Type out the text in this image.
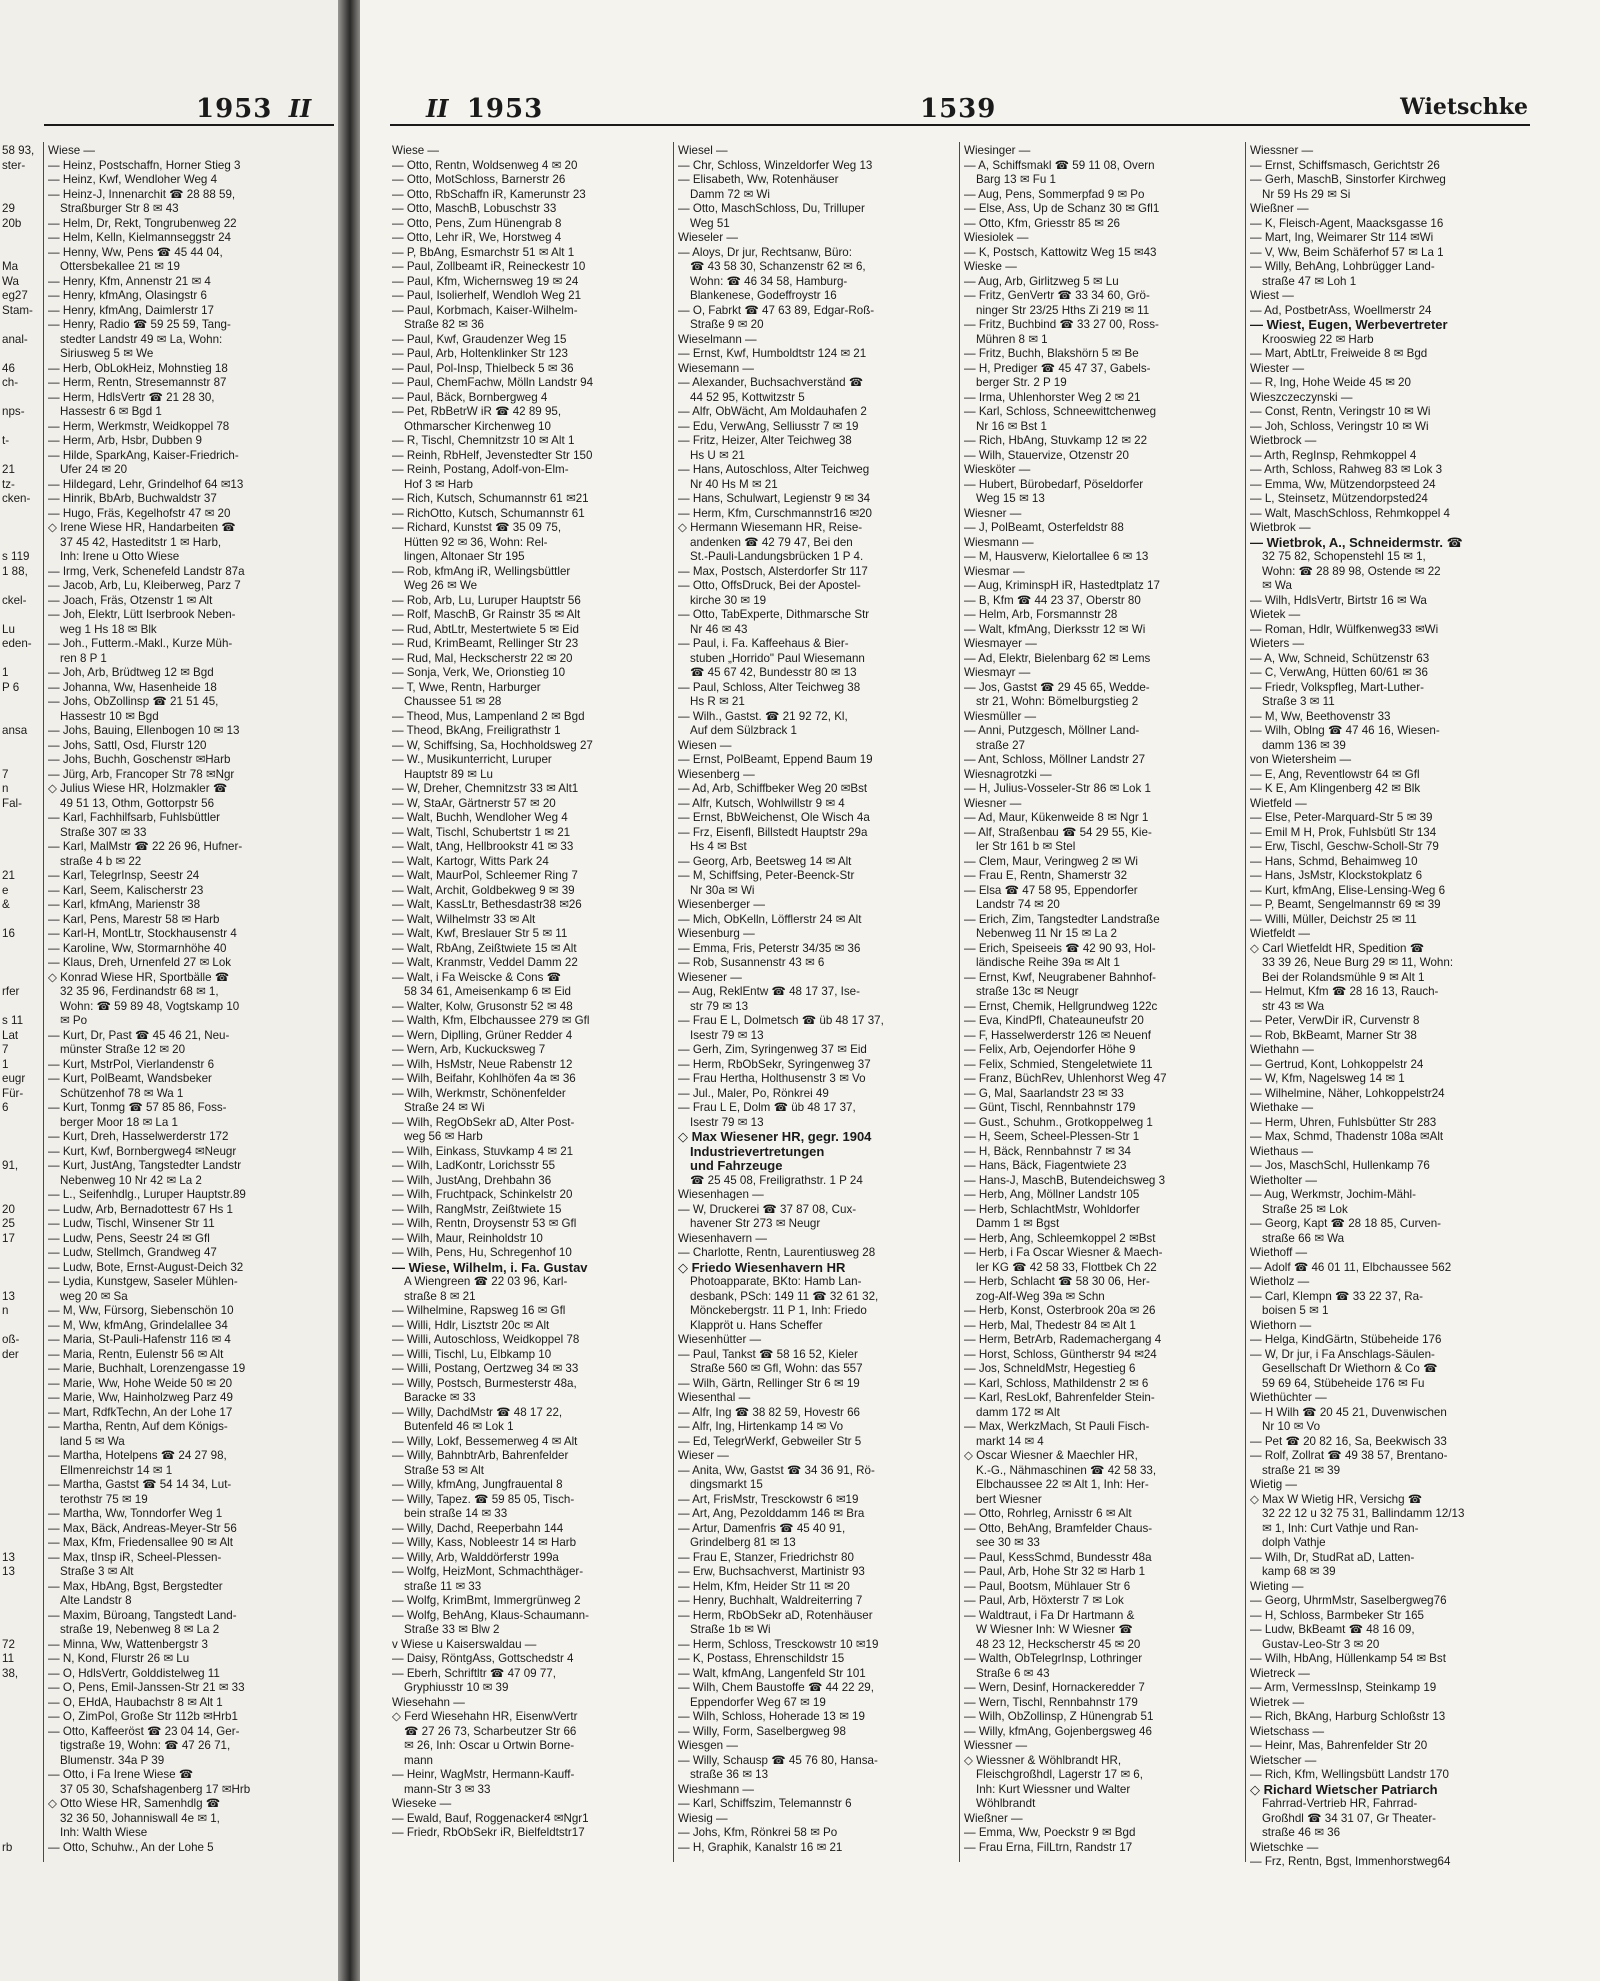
1953 II
58 93,
ster-

29
20b

Ma
Wa
eg27
Stam-

anal-

46
ch-

nps-

t-

21
tz-
cken-

s 119
1 88,

ckel-

Lu
eden-

1
P 6

ansa

7
n
Fal-

21
e
&

16

rfer

s 11
Lat
7
1
eugr
Für-
6

91,

20
25
17

13
n

oß-
der

13
13

72
11
38,

rb

Wiese —
— Heinz, Postschaffn, Horner Stieg 3
— Heinz, Kwf, Wendloher Weg 4
— Heinz-J, Innenarchit ☎ 28 88 59,
Straßburger Str 8 ✉ 43
— Helm, Dr, Rekt, Tongrubenweg 22
— Helm, Kelln, Kielmannseggstr 24
— Henny, Ww, Pens ☎ 45 44 04,
Ottersbekallee 21 ✉ 19
— Henry, Kfm, Annenstr 21 ✉ 4
— Henry, kfmAng, Olasingstr 6
— Henry, kfmAng, Daimlerstr 17
— Henry, Radio ☎ 59 25 59, Tang-
stedter Landstr 49 ✉ La, Wohn:
Siriusweg 5 ✉ We
— Herb, ObLokHeiz, Mohnstieg 18
— Herm, Rentn, Stresemannstr 87
— Herm, HdlsVertr ☎ 21 28 30,
Hassestr 6 ✉ Bgd 1
— Herm, Werkmstr, Weidkoppel 78
— Herm, Arb, Hsbr, Dubben 9
— Hilde, SparkAng, Kaiser-Friedrich-
Ufer 24 ✉ 20
— Hildegard, Lehr, Grindelhof 64 ✉13
— Hinrik, BbArb, Buchwaldstr 37
— Hugo, Fräs, Kegelhofstr 47 ✉ 20
◇ Irene Wiese HR, Handarbeiten ☎
37 45 42, Hasteditstr 1 ✉ Harb,
Inh: Irene u Otto Wiese
— Irmg, Verk, Schenefeld Landstr 87a
— Jacob, Arb, Lu, Kleiberweg, Parz 7
— Joach, Fräs, Otzenstr 1 ✉ Alt
— Joh, Elektr, Lütt Iserbrook Neben-
weg 1 Hs 18 ✉ Blk
— Joh., Futterm.-Makl., Kurze Müh-
ren 8 P 1
— Joh, Arb, Brüdtweg 12 ✉ Bgd
— Johanna, Ww, Hasenheide 18
— Johs, ObZollinsp ☎ 21 51 45,
Hassestr 10 ✉ Bgd
— Johs, Bauing, Ellenbogen 10 ✉ 13
— Johs, Sattl, Osd, Flurstr 120
— Johs, Buchh, Goschenstr ✉Harb
— Jürg, Arb, Francoper Str 78 ✉Ngr
◇ Julius Wiese HR, Holzmakler ☎
49 51 13, Othm, Gottorpstr 56
— Karl, Fachhilfsarb, Fuhlsbüttler
Straße 307 ✉ 33
— Karl, MalMstr ☎ 22 26 96, Hufner-
straße 4 b ✉ 22
— Karl, TelegrInsp, Seestr 24
— Karl, Seem, Kalischerstr 23
— Karl, kfmAng, Marienstr 38
— Karl, Pens, Marestr 58 ✉ Harb
— Karl-H, MontLtr, Stockhausenstr 4
— Karoline, Ww, Stormarnhöhe 40
— Klaus, Dreh, Urnenfeld 27 ✉ Lok
◇ Konrad Wiese HR, Sportbälle ☎
32 35 96, Ferdinandstr 68 ✉ 1,
Wohn: ☎ 59 89 48, Vogtskamp 10
✉ Po
— Kurt, Dr, Past ☎ 45 46 21, Neu-
münster Straße 12 ✉ 20
— Kurt, MstrPol, Vierlandenstr 6
— Kurt, PolBeamt, Wandsbeker
Schützenhof 78 ✉ Wa 1
— Kurt, Tonmg ☎ 57 85 86, Foss-
berger Moor 18 ✉ La 1
— Kurt, Dreh, Hasselwerderstr 172
— Kurt, Kwf, Bornbergweg4 ✉Neugr
— Kurt, JustAng, Tangstedter Landstr
Nebenweg 10 Nr 42 ✉ La 2
— L., Seifenhdlg., Luruper Hauptstr.89
— Ludw, Arb, Bernadottestr 67 Hs 1
— Ludw, Tischl, Winsener Str 11
— Ludw, Pens, Seestr 24 ✉ Gfl
— Ludw, Stellmch, Grandweg 47
— Ludw, Bote, Ernst-August-Deich 32
— Lydia, Kunstgew, Saseler Mühlen-
weg 20 ✉ Sa
— M, Ww, Fürsorg, Siebenschön 10
— M, Ww, kfmAng, Grindelallee 34
— Maria, St-Pauli-Hafenstr 116 ✉ 4
— Maria, Rentn, Eulenstr 56 ✉ Alt
— Marie, Buchhalt, Lorenzengasse 19
— Marie, Ww, Hohe Weide 50 ✉ 20
— Marie, Ww, Hainholzweg Parz 49
— Mart, RdfkTechn, An der Lohe 17
— Martha, Rentn, Auf dem Königs-
land 5 ✉ Wa
— Martha, Hotelpens ☎ 24 27 98,
Ellmenreichstr 14 ✉ 1
— Martha, Gastst ☎ 54 14 34, Lut-
terothstr 75 ✉ 19
— Martha, Ww, Tonndorfer Weg 1
— Max, Bäck, Andreas-Meyer-Str 56
— Max, Kfm, Friedensallee 90 ✉ Alt
— Max, tInsp iR, Scheel-Plessen-
Straße 3 ✉ Alt
— Max, HbAng, Bgst, Bergstedter
Alte Landstr 8
— Maxim, Büroang, Tangstedt Land-
straße 19, Nebenweg 8 ✉ La 2
— Minna, Ww, Wattenbergstr 3
— N, Kond, Flurstr 26 ✉ Lu
— O, HdlsVertr, Golddistelweg 11
— O, Pens, Emil-Janssen-Str 21 ✉ 33
— O, EHdA, Haubachstr 8 ✉ Alt 1
— O, ZimPol, Große Str 112b ✉Hrb1
— Otto, Kaffeeröst ☎ 23 04 14, Ger-
tigstraße 19, Wohn: ☎ 47 26 71,
Blumenstr. 34a P 39
— Otto, i Fa Irene Wiese ☎
37 05 30, Schafshagenberg 17 ✉Hrb
◇ Otto Wiese HR, Samenhdlg ☎
32 36 50, Johanniswall 4e ✉ 1,
Inh: Walth Wiese
— Otto, Schuhw., An der Lohe 5
II 1953	1539	Wietschke
Wiese —
— Otto, Rentn, Woldsenweg 4 ✉ 20
— Otto, MotSchloss, Barnerstr 26
— Otto, RbSchaffn iR, Kamerunstr 23
— Otto, MaschB, Lobuschstr 33
— Otto, Pens, Zum Hünengrab 8
— Otto, Lehr iR, We, Horstweg 4
— P, BbAng, Esmarchstr 51 ✉ Alt 1
— Paul, Zollbeamt iR, Reineckestr 10
— Paul, Kfm, Wichernsweg 19 ✉ 24
— Paul, Isolierhelf, Wendloh Weg 21
— Paul, Korbmach, Kaiser-Wilhelm-
Straße 82 ✉ 36
— Paul, Kwf, Graudenzer Weg 15
— Paul, Arb, Holtenklinker Str 123
— Paul, Pol-Insp, Thielbeck 5 ✉ 36
— Paul, ChemFachw, Mölln Landstr 94
— Paul, Bäck, Bornbergweg 4
— Pet, RbBetrW iR ☎ 42 89 95,
Othmarscher Kirchenweg 10
— R, Tischl, Chemnitzstr 10 ✉ Alt 1
— Reinh, RbHelf, Jevenstedter Str 150
— Reinh, Postang, Adolf-von-Elm-
Hof 3 ✉ Harb
— Rich, Kutsch, Schumannstr 61 ✉21
— RichOtto, Kutsch, Schumannstr 61
— Richard, Kunstst ☎ 35 09 75,
Hütten 92 ✉ 36, Wohn: Rel-
lingen, Altonaer Str 195
— Rob, kfmAng iR, Wellingsbüttler
Weg 26 ✉ We
— Rob, Arb, Lu, Luruper Hauptstr 56
— Rolf, MaschB, Gr Rainstr 35 ✉ Alt
— Rud, AbtLtr, Mestertwiete 5 ✉ Eid
— Rud, KrimBeamt, Rellinger Str 23
— Rud, Mal, Heckscherstr 22 ✉ 20
— Sonja, Verk, We, Orionstieg 10
— T, Wwe, Rentn, Harburger
Chaussee 51 ✉ 28
— Theod, Mus, Lampenland 2 ✉ Bgd
— Theod, BkAng, Freiligrathstr 1
— W, Schiffsing, Sa, Hochholdsweg 27
— W., Musikunterricht, Luruper
Hauptstr 89 ✉ Lu
— W, Dreher, Chemnitzstr 33 ✉ Alt1
— W, StaAr, Gärtnerstr 57 ✉ 20
— Walt, Buchh, Wendloher Weg 4
— Walt, Tischl, Schubertstr 1 ✉ 21
— Walt, tAng, Hellbrookstr 41 ✉ 33
— Walt, Kartogr, Witts Park 24
— Walt, MaurPol, Schleemer Ring 7
— Walt, Archit, Goldbekweg 9 ✉ 39
— Walt, KassLtr, Bethesdastr38 ✉26
— Walt, Wilhelmstr 33 ✉ Alt
— Walt, Kwf, Breslauer Str 5 ✉ 11
— Walt, RbAng, Zeißtwiete 15 ✉ Alt
— Walt, Kranmstr, Veddel Damm 22
— Walt, i Fa Weiscke & Cons ☎
58 34 61, Ameisenkamp 6 ✉ Eid
— Walter, Kolw, Grusonstr 52 ✉ 48
— Walth, Kfm, Elbchaussee 279 ✉ Gfl
— Wern, Diplling, Grüner Redder 4
— Wern, Arb, Kuckucksweg 7
— Wilh, HsMstr, Neue Rabenstr 12
— Wilh, Beifahr, Kohlhöfen 4a ✉ 36
— Wilh, Werkmstr, Schönenfelder
Straße 24 ✉ Wi
— Wilh, RegObSekr aD, Alter Post-
weg 56 ✉ Harb
— Wilh, Einkass, Stuvkamp 4 ✉ 21
— Wilh, LadKontr, Lorichsstr 55
— Wilh, JustAng, Drehbahn 36
— Wilh, Fruchtpack, Schinkelstr 20
— Wilh, RangMstr, Zeißtwiete 15
— Wilh, Rentn, Droysenstr 53 ✉ Gfl
— Wilh, Maur, Reinholdstr 10
— Wilh, Pens, Hu, Schregenhof 10
— Wiese, Wilhelm, i. Fa. Gustav
A Wiengreen ☎ 22 03 96, Karl-
straße 8 ✉ 21
— Wilhelmine, Rapsweg 16 ✉ Gfl
— Willi, Hdlr, Lisztstr 20c ✉ Alt
— Willi, Autoschloss, Weidkoppel 78
— Willi, Tischl, Lu, Elbkamp 10
— Willi, Postang, Oertzweg 34 ✉ 33
— Willy, Postsch, Burmesterstr 48a,
Baracke ✉ 33
— Willy, DachdMstr ☎ 48 17 22,
Butenfeld 46 ✉ Lok 1
— Willy, Lokf, Bessemerweg 4 ✉ Alt
— Willy, BahnbtrArb, Bahrenfelder
Straße 53 ✉ Alt
— Willy, kfmAng, Jungfrauental 8
— Willy, Tapez. ☎ 59 85 05, Tisch-
bein straße 14 ✉ 33
— Willy, Dachd, Reeperbahn 144
— Willy, Kass, Nobleestr 14 ✉ Harb
— Willy, Arb, Walddörferstr 199a
— Wolfg, HeizMont, Schmachthäger-
straße 11 ✉ 33
— Wolfg, KrimBmt, Immergrünweg 2
— Wolfg, BehAng, Klaus-Schaumann-
Straße 33 ✉ Blw 2
v Wiese u Kaiserswaldau —
— Daisy, RöntgAss, Gottschedstr 4
— Eberh, Schriftltr ☎ 47 09 77,
Gryphiusstr 10 ✉ 39
Wiesehahn —
◇ Ferd Wiesehahn HR, EisenwVertr
☎ 27 26 73, Scharbeutzer Str 66
✉ 26, Inh: Oscar u Ortwin Borne-
mann
— Heinr, WagMstr, Hermann-Kauff-
mann-Str 3 ✉ 33
Wieseke —
— Ewald, Bauf, Roggenacker4 ✉Ngr1
— Friedr, RbObSekr iR, Bielfeldtstr17
Wiesel —
— Chr, Schloss, Winzeldorfer Weg 13
— Elisabeth, Ww, Rotenhäuser
Damm 72 ✉ Wi
— Otto, MaschSchloss, Du, Trilluper
Weg 51
Wieseler —
— Aloys, Dr jur, Rechtsanw, Büro:
☎ 43 58 30, Schanzenstr 62 ✉ 6,
Wohn: ☎ 46 34 58, Hamburg-
Blankenese, Godeffroystr 16
— O, Fabrkt ☎ 47 63 89, Edgar-Roß-
Straße 9 ✉ 20
Wieselmann —
— Ernst, Kwf, Humboldtstr 124 ✉ 21
Wiesemann —
— Alexander, Buchsachverständ ☎
44 52 95, Kottwitzstr 5
— Alfr, ObWächt, Am Moldauhafen 2
— Edu, VerwAng, Selliusstr 7 ✉ 19
— Fritz, Heizer, Alter Teichweg 38
Hs U ✉ 21
— Hans, Autoschloss, Alter Teichweg
Nr 40 Hs M ✉ 21
— Hans, Schulwart, Legienstr 9 ✉ 34
— Herm, Kfm, Curschmannstr16 ✉20
◇ Hermann Wiesemann HR, Reise-
andenken ☎ 42 79 47, Bei den
St.-Pauli-Landungsbrücken 1 P 4.
— Max, Postsch, Alsterdorfer Str 117
— Otto, OffsDruck, Bei der Apostel-
kirche 30 ✉ 19
— Otto, TabExperte, Dithmarsche Str
Nr 46 ✉ 43
— Paul, i. Fa. Kaffeehaus & Bier-
stuben „Horrido" Paul Wiesemann
☎ 45 67 42, Bundesstr 80 ✉ 13
— Paul, Schloss, Alter Teichweg 38
Hs R ✉ 21
— Wilh., Gastst. ☎ 21 92 72, Kl,
Auf dem Sülzbrack 1
Wiesen —
— Ernst, PolBeamt, Eppend Baum 19
Wiesenberg —
— Ad, Arb, Schiffbeker Weg 20 ✉Bst
— Alfr, Kutsch, Wohlwillstr 9 ✉ 4
— Ernst, BbWeichenst, Ole Wisch 4a
— Frz, Eisenfl, Billstedt Hauptstr 29a
Hs 4 ✉ Bst
— Georg, Arb, Beetsweg 14 ✉ Alt
— M, Schiffsing, Peter-Beenck-Str
Nr 30a ✉ Wi
Wiesenberger —
— Mich, ObKelln, Löfflerstr 24 ✉ Alt
Wiesenburg —
— Emma, Fris, Peterstr 34/35 ✉ 36
— Rob, Susannenstr 43 ✉ 6
Wiesener —
— Aug, ReklEntw ☎ 48 17 37, Ise-
str 79 ✉ 13
— Frau E L, Dolmetsch ☎ üb 48 17 37,
Isestr 79 ✉ 13
— Gerh, Zim, Syringenweg 37 ✉ Eid
— Herm, RbObSekr, Syringenweg 37
— Frau Hertha, Holthusenstr 3 ✉ Vo
— Jul., Maler, Po, Rönkrei 49
— Frau L E, Dolm ☎ üb 48 17 37,
Isestr 79 ✉ 13
◇ Max Wiesener HR, gegr. 1904
Industrievertretungen
und Fahrzeuge
☎ 25 45 08, Freiligrathstr. 1 P 24
Wiesenhagen —
— W, Druckerei ☎ 37 87 08, Cux-
havener Str 273 ✉ Neugr
Wiesenhavern —
— Charlotte, Rentn, Laurentiusweg 28
◇ Friedo Wiesenhavern HR
Photoapparate, BKto: Hamb Lan-
desbank, PSch: 149 11 ☎ 32 61 32,
Mönckebergstr. 11 P 1, Inh: Friedo
Klappröt u. Hans Scheffer
Wiesenhütter —
— Paul, Tankst ☎ 58 16 52, Kieler
Straße 560 ✉ Gfl, Wohn: das 557
— Wilh, Gärtn, Rellinger Str 6 ✉ 19
Wiesenthal —
— Alfr, Ing ☎ 38 82 59, Hovestr 66
— Alfr, Ing, Hirtenkamp 14 ✉ Vo
— Ed, TelegrWerkf, Gebweiler Str 5
Wieser —
— Anita, Ww, Gastst ☎ 34 36 91, Rö-
dingsmarkt 15
— Art, FrisMstr, Tresckowstr 6 ✉19
— Art, Ang, Pezolddamm 146 ✉ Bra
— Artur, Damenfris ☎ 45 40 91,
Grindelberg 81 ✉ 13
— Frau E, Stanzer, Friedrichstr 80
— Erw, Buchsachverst, Martinistr 93
— Helm, Kfm, Heider Str 11 ✉ 20
— Henry, Buchhalt, Waldreiterring 7
— Herm, RbObSekr aD, Rotenhäuser
Straße 1b ✉ Wi
— Herm, Schloss, Tresckowstr 10 ✉19
— K, Postass, Ehrenschildstr 15
— Walt, kfmAng, Langenfeld Str 101
— Wilh, Chem Baustoffe ☎ 44 22 29,
Eppendorfer Weg 67 ✉ 19
— Wilh, Schloss, Hoherade 13 ✉ 19
— Willy, Form, Saselbergweg 98
Wiesgen —
— Willy, Schausp ☎ 45 76 80, Hansa-
straße 36 ✉ 13
Wieshmann —
— Karl, Schiffszim, Telemannstr 6
Wiesig —
— Johs, Kfm, Rönkrei 58 ✉ Po
— H, Graphik, Kanalstr 16 ✉ 21
Wiesinger —
— A, Schiffsmakl ☎ 59 11 08, Overn
Barg 13 ✉ Fu 1
— Aug, Pens, Sommerpfad 9 ✉ Po
— Else, Ass, Up de Schanz 30 ✉ Gfl1
— Otto, Kfm, Griesstr 85 ✉ 26
Wiesiolek —
— K, Postsch, Kattowitz Weg 15 ✉43
Wieske —
— Aug, Arb, Girlitzweg 5 ✉ Lu
— Fritz, GenVertr ☎ 33 34 60, Grö-
ninger Str 23/25 Hths Zi 219 ✉ 11
— Fritz, Buchbind ☎ 33 27 00, Ross-
Mühren 8 ✉ 1
— Fritz, Buchh, Blakshörn 5 ✉ Be
— H, Prediger ☎ 45 47 37, Gabels-
berger Str. 2 P 19
— Irma, Uhlenhorster Weg 2 ✉ 21
— Karl, Schloss, Schneewittchenweg
Nr 16 ✉ Bst 1
— Rich, HbAng, Stuvkamp 12 ✉ 22
— Wilh, Stauervize, Otzenstr 20
Wiesköter —
— Hubert, Bürobedarf, Pöseldorfer
Weg 15 ✉ 13
Wiesner —
— J, PolBeamt, Osterfeldstr 88
Wiesmann —
— M, Hausverw, Kielortallee 6 ✉ 13
Wiesmar —
— Aug, KriminspH iR, Hastedtplatz 17
— B, Kfm ☎ 44 23 37, Oberstr 80
— Helm, Arb, Forsmannstr 28
— Walt, kfmAng, Dierksstr 12 ✉ Wi
Wiesmayer —
— Ad, Elektr, Bielenbarg 62 ✉ Lems
Wiesmayr —
— Jos, Gastst ☎ 29 45 65, Wedde-
str 21, Wohn: Bömelburgstieg 2
Wiesmüller —
— Anni, Putzgesch, Möllner Land-
straße 27
— Ant, Schloss, Möllner Landstr 27
Wiesnagrotzki —
— H, Julius-Vosseler-Str 86 ✉ Lok 1
Wiesner —
— Ad, Maur, Kükenweide 8 ✉ Ngr 1
— Alf, Straßenbau ☎ 54 29 55, Kie-
ler Str 161 b ✉ Stel
— Clem, Maur, Veringweg 2 ✉ Wi
— Frau E, Rentn, Shamerstr 32
— Elsa ☎ 47 58 95, Eppendorfer
Landstr 74 ✉ 20
— Erich, Zim, Tangstedter Landstraße
Nebenweg 11 Nr 15 ✉ La 2
— Erich, Speiseeis ☎ 42 90 93, Hol-
ländische Reihe 39a ✉ Alt 1
— Ernst, Kwf, Neugrabener Bahnhof-
straße 13c ✉ Neugr
— Ernst, Chemik, Hellgrundweg 122c
— Eva, KindPfl, Chateauneufstr 20
— F, Hasselwerderstr 126 ✉ Neuenf
— Felix, Arb, Oejendorfer Höhe 9
— Felix, Schmied, Stengeletwiete 11
— Franz, BüchRev, Uhlenhorst Weg 47
— G, Mal, Saarlandstr 23 ✉ 33
— Günt, Tischl, Rennbahnstr 179
— Gust., Schuhm., Grotkoppelweg 1
— H, Seem, Scheel-Plessen-Str 1
— H, Bäck, Rennbahnstr 7 ✉ 34
— Hans, Bäck, Fiagentwiete 23
— Hans-J, MaschB, Butendeichsweg 3
— Herb, Ang, Möllner Landstr 105
— Herb, SchlachtMstr, Wohldorfer
Damm 1 ✉ Bgst
— Herb, Ang, Schleemkoppel 2 ✉Bst
— Herb, i Fa Oscar Wiesner & Maech-
ler KG ☎ 42 58 33, Flottbek Ch 22
— Herb, Schlacht ☎ 58 30 06, Her-
zog-Alf-Weg 39a ✉ Schn
— Herb, Konst, Osterbrook 20a ✉ 26
— Herb, Mal, Thedestr 84 ✉ Alt 1
— Herm, BetrArb, Rademachergang 4
— Horst, Schloss, Güntherstr 94 ✉24
— Jos, SchneldMstr, Hegestieg 6
— Karl, Schloss, Mathildenstr 2 ✉ 6
— Karl, ResLokf, Bahrenfelder Stein-
damm 172 ✉ Alt
— Max, WerkzMach, St Pauli Fisch-
markt 14 ✉ 4
◇ Oscar Wiesner & Maechler HR,
K.-G., Nähmaschinen ☎ 42 58 33,
Elbchaussee 22 ✉ Alt 1, Inh: Her-
bert Wiesner
— Otto, Rohrleg, Arnisstr 6 ✉ Alt
— Otto, BehAng, Bramfelder Chaus-
see 30 ✉ 33
— Paul, KessSchmd, Bundesstr 48a
— Paul, Arb, Hohe Str 32 ✉ Harb 1
— Paul, Bootsm, Mühlauer Str 6
— Paul, Arb, Höxterstr 7 ✉ Lok
— Waldtraut, i Fa Dr Hartmann &
W Wiesner Inh: W Wiesner ☎
48 23 12, Heckscherstr 45 ✉ 20
— Walth, ObTelegrInsp, Lothringer
Straße 6 ✉ 43
— Wern, Desinf, Hornackeredder 7
— Wern, Tischl, Rennbahnstr 179
— Wilh, ObZollinsp, Z Hünengrab 51
— Willy, kfmAng, Gojenbergsweg 46
Wiessner —
◇ Wiessner & Wöhlbrandt HR,
Fleischgroßhdl, Lagerstr 17 ✉ 6,
Inh: Kurt Wiessner und Walter
Wöhlbrandt
Wießner —
— Emma, Ww, Poeckstr 9 ✉ Bgd
— Frau Erna, FilLtrn, Randstr 17
Wiessner —
— Ernst, Schiffsmasch, Gerichtstr 26
— Gerh, MaschB, Sinstorfer Kirchweg
Nr 59 Hs 29 ✉ Si
Wießner —
— K, Fleisch-Agent, Maacksgasse 16
— Mart, Ing, Weimarer Str 114 ✉Wi
— V, Ww, Beim Schäferhof 57 ✉ La 1
— Willy, BehAng, Lohbrügger Land-
straße 47 ✉ Loh 1
Wiest —
— Ad, PostbetrAss, Woellmerstr 24
— Wiest, Eugen, Werbevertreter
Krooswieg 22 ✉ Harb
— Mart, AbtLtr, Freiweide 8 ✉ Bgd
Wiester —
— R, Ing, Hohe Weide 45 ✉ 20
Wieszczeczynski —
— Const, Rentn, Veringstr 10 ✉ Wi
— Joh, Schloss, Veringstr 10 ✉ Wi
Wietbrock —
— Arth, RegInsp, Rehmkoppel 4
— Arth, Schloss, Rahweg 83 ✉ Lok 3
— Emma, Ww, Mützendorpsteed 24
— L, Steinsetz, Mützendorpsted24
— Walt, MaschSchloss, Rehmkoppel 4
Wietbrok —
— Wietbrok, A., Schneidermstr. ☎
32 75 82, Schopenstehl 15 ✉ 1,
Wohn: ☎ 28 89 98, Ostende ✉ 22
✉ Wa
— Wilh, HdlsVertr, Birtstr 16 ✉ Wa
Wietek —
— Roman, Hdlr, Wülfkenweg33 ✉Wi
Wieters —
— A, Ww, Schneid, Schützenstr 63
— C, VerwAng, Hütten 60/61 ✉ 36
— Friedr, Volkspfleg, Mart-Luther-
Straße 3 ✉ 11
— M, Ww, Beethovenstr 33
— Wilh, Oblng ☎ 47 46 16, Wiesen-
damm 136 ✉ 39
von Wietersheim —
— E, Ang, Reventlowstr 64 ✉ Gfl
— K E, Am Klingenberg 42 ✉ Blk
Wietfeld —
— Else, Peter-Marquard-Str 5 ✉ 39
— Emil M H, Prok, Fuhlsbütl Str 134
— Erw, Tischl, Geschw-Scholl-Str 79
— Hans, Schmd, Behaimweg 10
— Hans, JsMstr, Klockstokplatz 6
— Kurt, kfmAng, Elise-Lensing-Weg 6
— P, Beamt, Sengelmannstr 69 ✉ 39
— Willi, Müller, Deichstr 25 ✉ 11
Wietfeldt —
◇ Carl Wietfeldt HR, Spedition ☎
33 39 26, Neue Burg 29 ✉ 11, Wohn:
Bei der Rolandsmühle 9 ✉ Alt 1
— Helmut, Kfm ☎ 28 16 13, Rauch-
str 43 ✉ Wa
— Peter, VerwDir iR, Curvenstr 8
— Rob, BkBeamt, Marner Str 38
Wiethahn —
— Gertrud, Kont, Lohkoppelstr 24
— W, Kfm, Nagelsweg 14 ✉ 1
— Wilhelmine, Näher, Lohkoppelstr24
Wiethake —
— Herm, Uhren, Fuhlsbütter Str 283
— Max, Schmd, Thadenstr 108a ✉Alt
Wiethaus —
— Jos, MaschSchl, Hullenkamp 76
Wietholter —
— Aug, Werkmstr, Jochim-Mähl-
Straße 25 ✉ Lok
— Georg, Kapt ☎ 28 18 85, Curven-
straße 66 ✉ Wa
Wiethoff —
— Adolf ☎ 46 01 11, Elbchaussee 562
Wietholz —
— Carl, Klempn ☎ 33 22 37, Ra-
boisen 5 ✉ 1
Wiethorn —
— Helga, KindGärtn, Stübeheide 176
— W, Dr jur, i Fa Anschlags-Säulen-
Gesellschaft Dr Wiethorn & Co ☎
59 69 64, Stübeheide 176 ✉ Fu
Wiethüchter —
— H Wilh ☎ 20 45 21, Duvenwischen
Nr 10 ✉ Vo
— Pet ☎ 20 82 16, Sa, Beekwisch 33
— Rolf, Zollrat ☎ 49 38 57, Brentano-
straße 21 ✉ 39
Wietig —
◇ Max W Wietig HR, Versichg ☎
32 22 12 u 32 75 31, Ballindamm 12/13
✉ 1, Inh: Curt Vathje und Ran-
dolph Vathje
— Wilh, Dr, StudRat aD, Latten-
kamp 68 ✉ 39
Wieting —
— Georg, UhrmMstr, Saselbergweg76
— H, Schloss, Barmbeker Str 165
— Ludw, BkBeamt ☎ 48 16 09,
Gustav-Leo-Str 3 ✉ 20
— Wilh, HbAng, Hüllenkamp 54 ✉ Bst
Wietreck —
— Arm, VermessInsp, Steinkamp 19
Wietrek —
— Rich, BkAng, Harburg Schloßstr 13
Wietschass —
— Heinr, Mas, Bahrenfelder Str 20
Wietscher —
— Rich, Kfm, Wellingsbütt Landstr 170
◇ Richard Wietscher Patriarch
Fahrrad-Vertrieb HR, Fahrrad-
Großhdl ☎ 34 31 07, Gr Theater-
straße 46 ✉ 36
Wietschke —
— Frz, Rentn, Bgst, Immenhorstweg64
